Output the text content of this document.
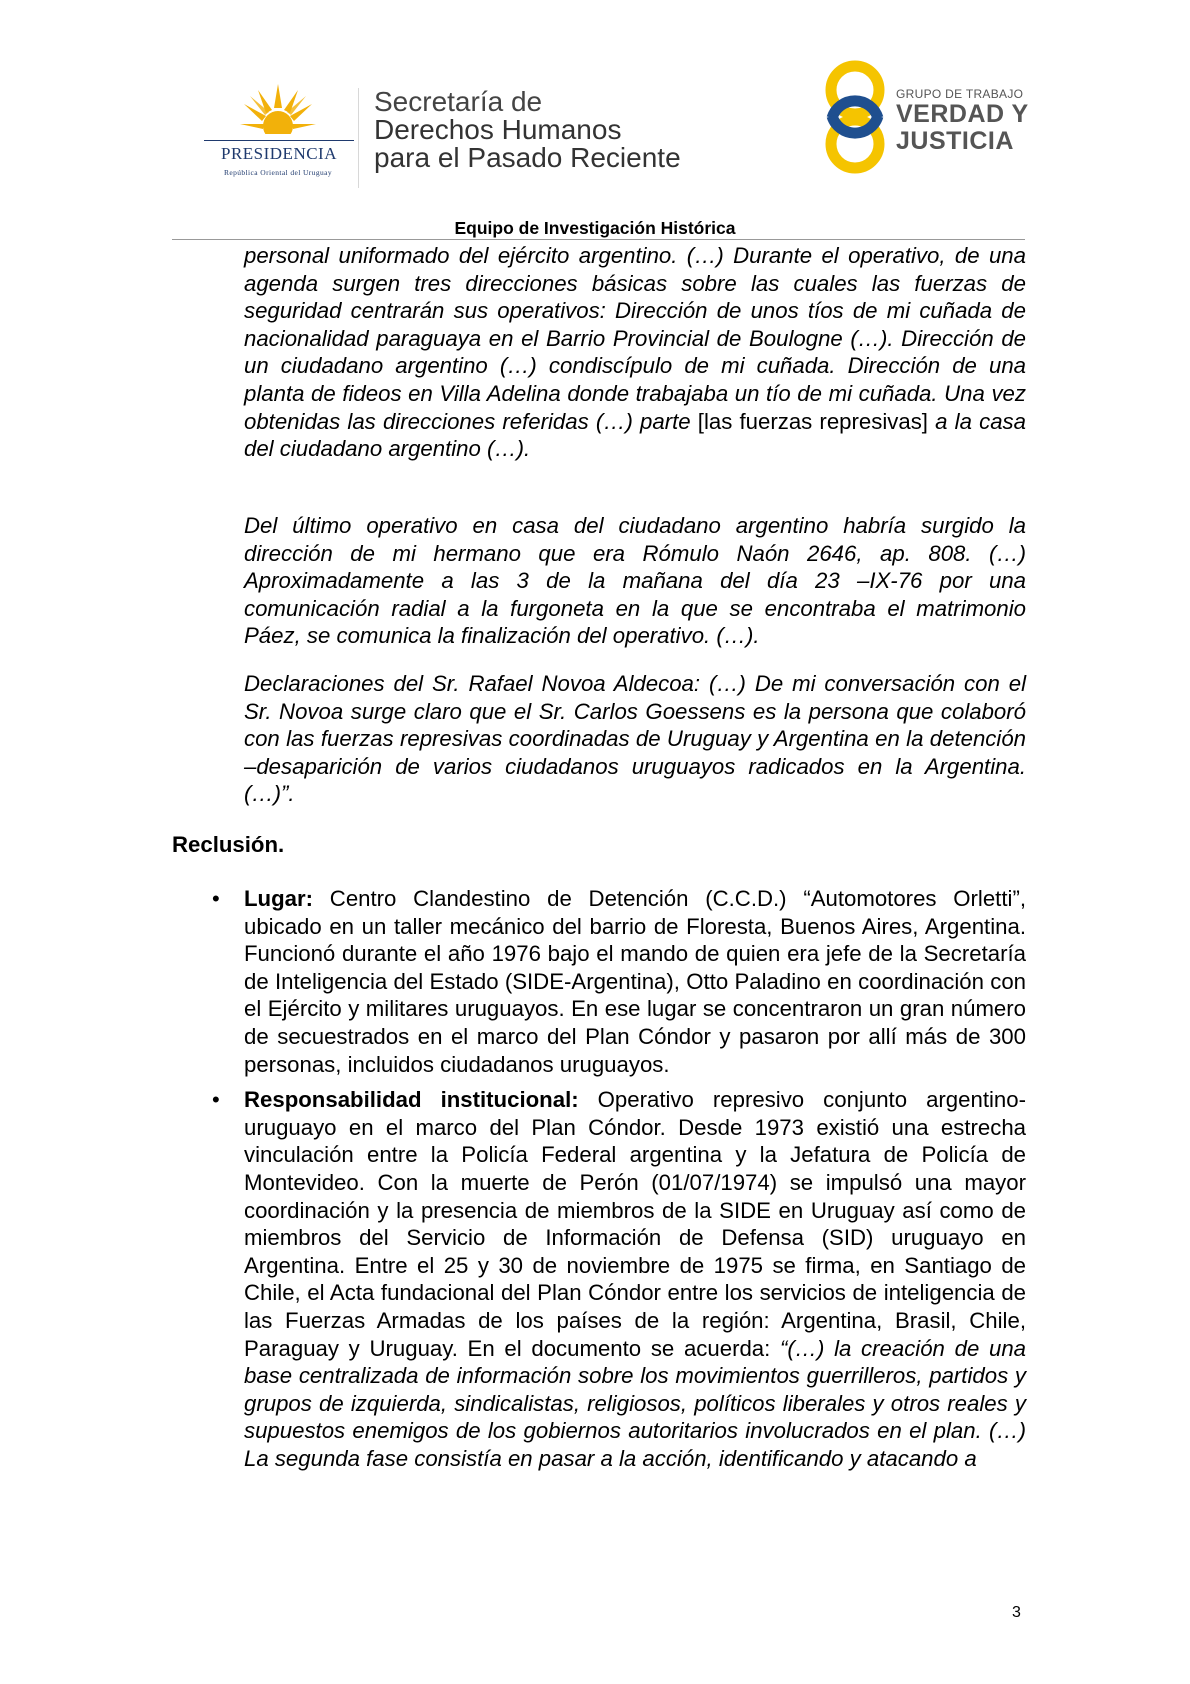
PRESIDENCIA
República Oriental del Uruguay
Secretaría de
Derechos Humanos
para el Pasado Reciente
GRUPO DE TRABAJO
VERDAD Y
JUSTICIA
Equipo de Investigación Histórica

personal uniformado del ejército argentino. (…) Durante el operativo, de una agenda surgen tres direcciones básicas sobre las cuales las fuerzas de seguridad centrarán sus operativos: Dirección de unos tíos de mi cuñada de nacionalidad paraguaya en el Barrio Provincial de Boulogne (…). Dirección de un ciudadano argentino (…) condiscípulo de mi cuñada. Dirección de una planta de fideos en Villa Adelina donde trabajaba un tío de mi cuñada. Una vez obtenidas las direcciones referidas (…) parte [las fuerzas represivas] a la casa del ciudadano argentino (…).

Del último operativo en casa del ciudadano argentino habría surgido la dirección de mi hermano que era Rómulo Naón 2646, ap. 808. (…) Aproximadamente a las 3 de la mañana del día 23 –IX-76 por una comunicación radial a la furgoneta en la que se encontraba el matrimonio Páez, se comunica la finalización del operativo. (…).

Declaraciones del Sr. Rafael Novoa Aldecoa: (…) De mi conversación con el Sr. Novoa surge claro que el Sr. Carlos Goessens es la persona que colaboró con las fuerzas represivas coordinadas de Uruguay y Argentina en la detención –desaparición de varios ciudadanos uruguayos radicados en la Argentina. (…)”.

Reclusión.
• Lugar: Centro Clandestino de Detención (C.C.D.) “Automotores Orletti”, ubicado en un taller mecánico del barrio de Floresta, Buenos Aires, Argentina. Funcionó durante el año 1976 bajo el mando de quien era jefe de la Secretaría de Inteligencia del Estado (SIDE-Argentina), Otto Paladino en coordinación con el Ejército y militares uruguayos. En ese lugar se concentraron un gran número de secuestrados en el marco del Plan Cóndor y pasaron por allí más de 300 personas, incluidos ciudadanos uruguayos.
• Responsabilidad institucional: Operativo represivo conjunto argentino-uruguayo en el marco del Plan Cóndor. Desde 1973 existió una estrecha vinculación entre la Policía Federal argentina y la Jefatura de Policía de Montevideo. Con la muerte de Perón (01/07/1974) se impulsó una mayor coordinación y la presencia de miembros de la SIDE en Uruguay así como de miembros del Servicio de Información de Defensa (SID) uruguayo en Argentina. Entre el 25 y 30 de noviembre de 1975 se firma, en Santiago de Chile, el Acta fundacional del Plan Cóndor entre los servicios de inteligencia de las Fuerzas Armadas de los países de la región: Argentina, Brasil, Chile, Paraguay y Uruguay. En el documento se acuerda: “(…) la creación de una base centralizada de información sobre los movimientos guerrilleros, partidos y grupos de izquierda, sindicalistas, religiosos, políticos liberales y otros reales y supuestos enemigos de los gobiernos autoritarios involucrados en el plan. (…) La segunda fase consistía en pasar a la acción, identificando y atacando a
3
